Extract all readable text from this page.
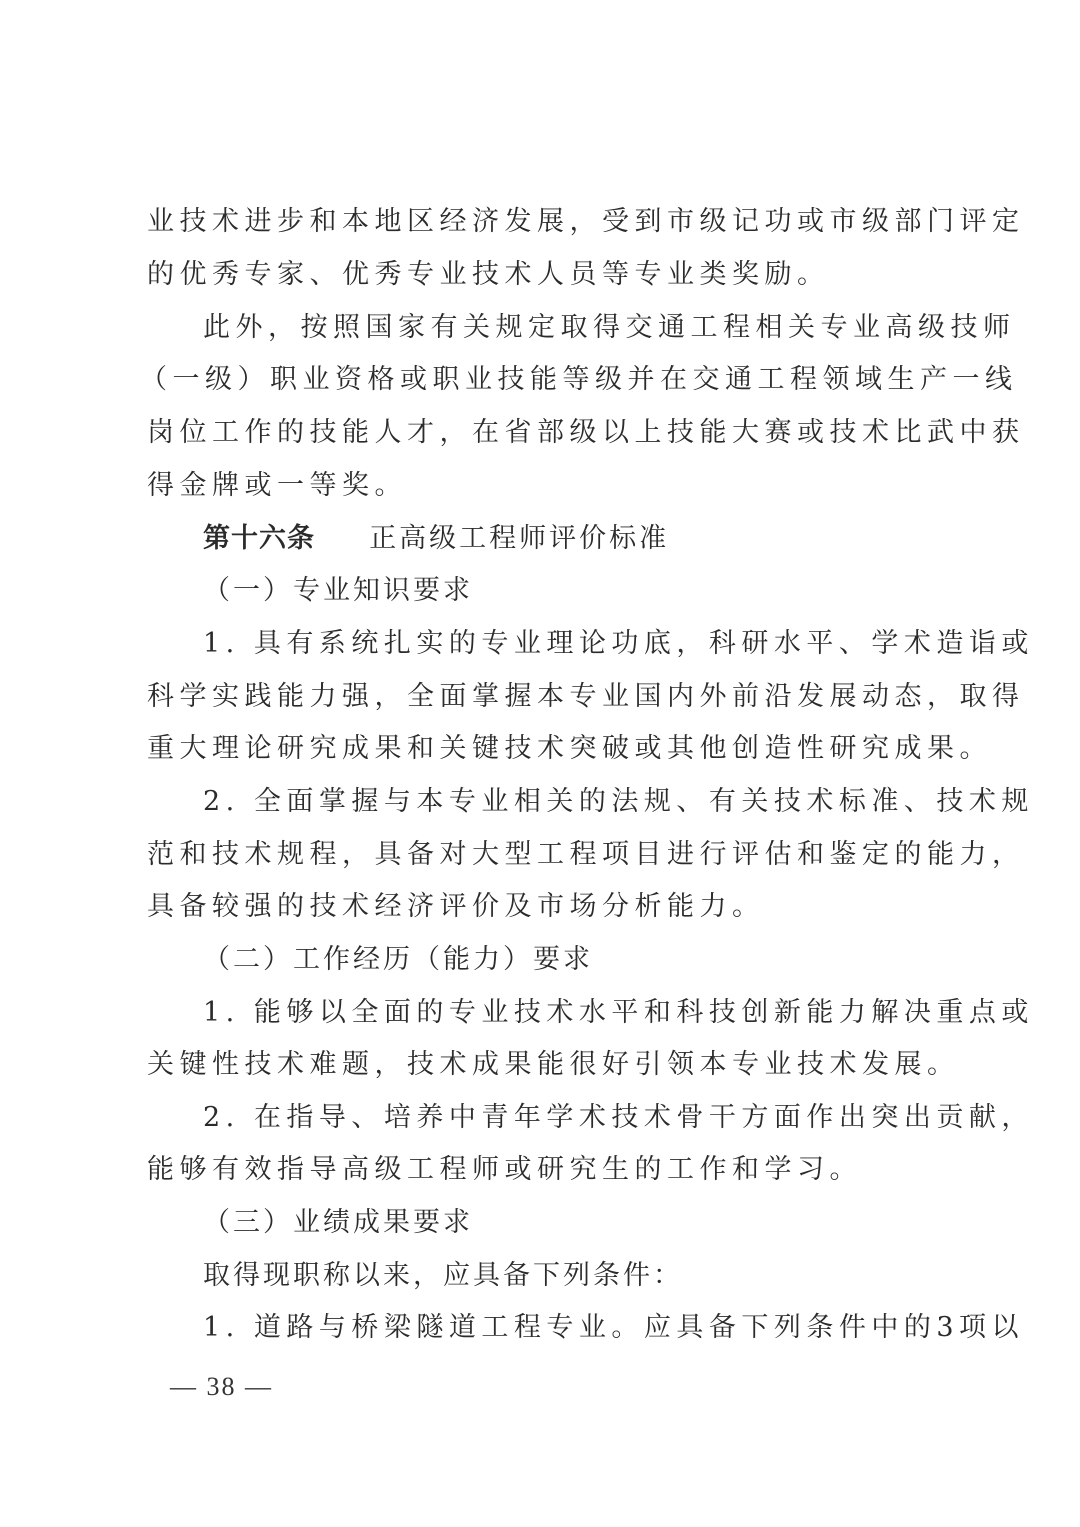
业技术进步和本地区经济发展，受到市级记功或市级部门评定
的优秀专家、优秀专业技术人员等专业类奖励。
此外，按照国家有关规定取得交通工程相关专业高级技师
（一级）职业资格或职业技能等级并在交通工程领域生产一线
岗位工作的技能人才，在省部级以上技能大赛或技术比武中获
得金牌或一等奖。
第十六条 正高级工程师评价标准
（一）专业知识要求
1. 具有系统扎实的专业理论功底，科研水平、学术造诣或
科学实践能力强，全面掌握本专业国内外前沿发展动态，取得
重大理论研究成果和关键技术突破或其他创造性研究成果。
2. 全面掌握与本专业相关的法规、有关技术标准、技术规
范和技术规程，具备对大型工程项目进行评估和鉴定的能力，
具备较强的技术经济评价及市场分析能力。
（二）工作经历（能力）要求
1. 能够以全面的专业技术水平和科技创新能力解决重点或
关键性技术难题，技术成果能很好引领本专业技术发展。
2. 在指导、培养中青年学术技术骨干方面作出突出贡献，
能够有效指导高级工程师或研究生的工作和学习。
（三）业绩成果要求
取得现职称以来，应具备下列条件：
1. 道路与桥梁隧道工程专业。应具备下列条件中的3项以
— 38 —
